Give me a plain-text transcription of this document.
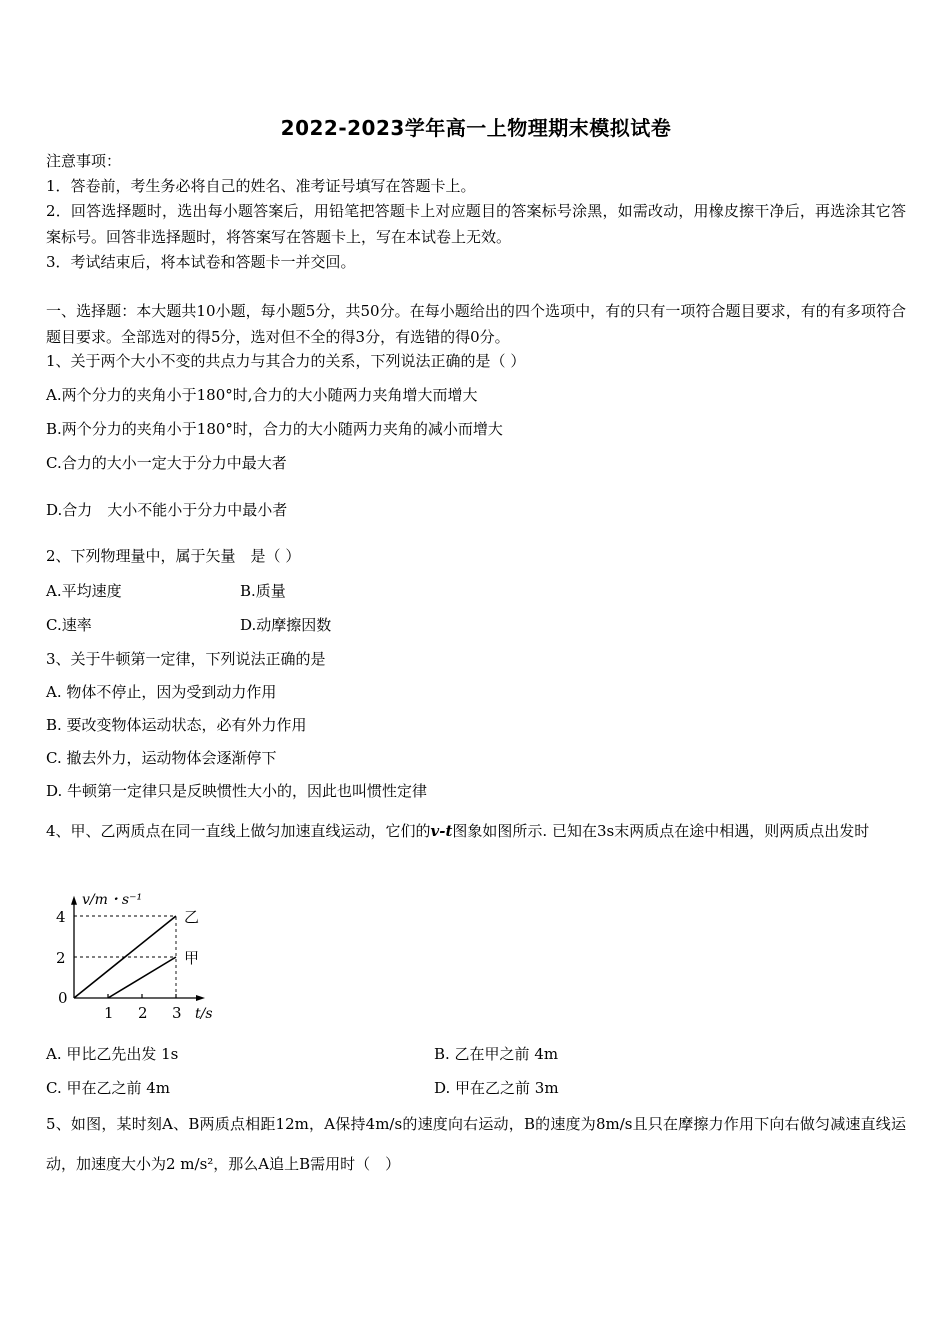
2022-2023学年高一上物理期末模拟试卷
注意事项：
1．答卷前，考生务必将自己的姓名、准考证号填写在答题卡上。
2．回答选择题时，选出每小题答案后，用铅笔把答题卡上对应题目的答案标号涂黑，如需改动，用橡皮擦干净后，再选涂其它答案标号。回答非选择题时，将答案写在答题卡上，写在本试卷上无效。
3．考试结束后，将本试卷和答题卡一并交回。
一、选择题：本大题共10小题，每小题5分，共50分。在每小题给出的四个选项中，有的只有一项符合题目要求，有的有多项符合题目要求。全部选对的得5分，选对但不全的得3分，有选错的得0分。
1、关于两个大小不变的共点力与其合力的关系，下列说法正确的是（ ）
A.两个分力的夹角小于180°时,合力的大小随两力夹角增大而增大
B.两个分力的夹角小于180°时，合力的大小随两力夹角的减小而增大
C.合力的大小一定大于分力中最大者
D.合力　大小不能小于分力中最小者
2、下列物理量中，属于矢量　是（ ）
A.平均速度	B.质量
C.速率	D.动摩擦因数
3、关于牛顿第一定律，下列说法正确的是
A. 物体不停止，因为受到动力作用
B. 要改变物体运动状态，必有外力作用
C. 撤去外力，运动物体会逐渐停下
D. 牛顿第一定律只是反映惯性大小的，因此也叫惯性定律
4、甲、乙两质点在同一直线上做匀加速直线运动，它们的v-t图象如图所示. 已知在3s末两质点在途中相遇，则两质点出发时
v/m・s⁻¹
t/s
0
1 2 3
2
4	乙
甲
A. 甲比乙先出发 1s	B. 乙在甲之前 4m
C. 甲在乙之前 4m	D. 甲在乙之前 3m
5、如图，某时刻A、B两质点相距12m，A保持4m/s的速度向右运动，B的速度为8m/s且只在摩擦力作用下向右做匀减速直线运动，加速度大小为2 m/s²，那么A追上B需用时（　）
